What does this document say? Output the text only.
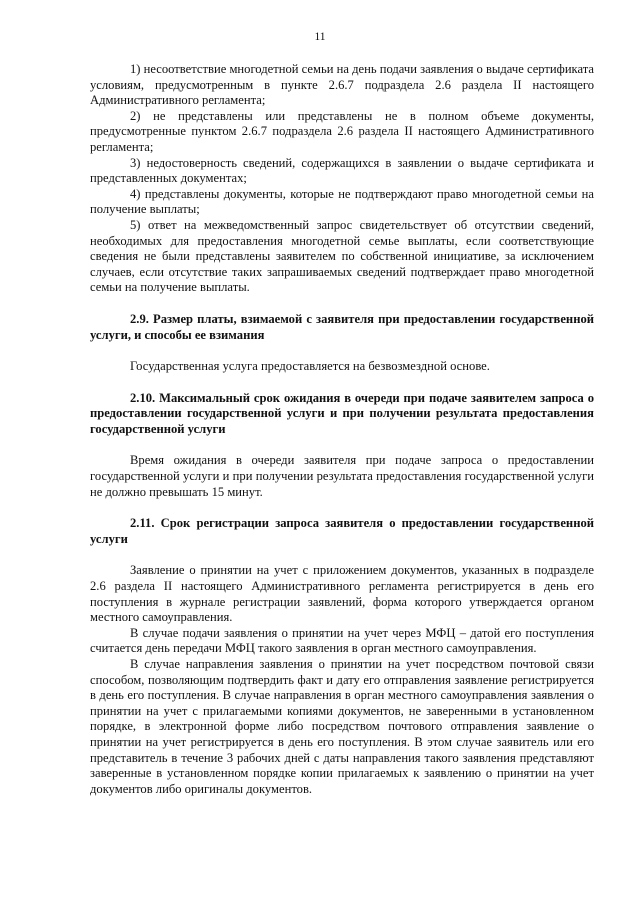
11

1) несоответствие многодетной семьи на день подачи заявления о выдаче сертификата условиям, предусмотренным в пункте 2.6.7 подраздела 2.6 раздела II настоящего Административного регламента;

2) не представлены или представлены не в полном объеме документы, предусмотренные пунктом 2.6.7 подраздела 2.6 раздела II настоящего Административного регламента;

3) недостоверность сведений, содержащихся в заявлении о выдаче сертификата и представленных документах;

4) представлены документы, которые не подтверждают право многодетной семьи на получение выплаты;

5) ответ на межведомственный запрос свидетельствует об отсутствии сведений, необходимых для предоставления многодетной семье выплаты, если соответствующие сведения не были представлены заявителем по собственной инициативе, за исключением случаев, если отсутствие таких запрашиваемых сведений подтверждает право многодетной семьи на получение выплаты.

2.9. Размер платы, взимаемой с заявителя при предоставлении государственной услуги, и способы ее взимания

Государственная услуга предоставляется на безвозмездной основе.

2.10. Максимальный срок ожидания в очереди при подаче заявителем запроса о предоставлении государственной услуги и при получении результата предоставления государственной услуги

Время ожидания в очереди заявителя при подаче запроса о предоставлении государственной услуги и при получении результата предоставления государственной услуги не должно превышать 15 минут.

2.11. Срок регистрации запроса заявителя о предоставлении государственной услуги

Заявление о принятии на учет с приложением документов, указанных в подразделе 2.6 раздела II настоящего Административного регламента регистрируется в день его поступления в журнале регистрации заявлений, форма которого утверждается органом местного самоуправления.

В случае подачи заявления о принятии на учет через МФЦ – датой его поступления считается день передачи МФЦ такого заявления в орган местного самоуправления.

В случае направления заявления о принятии на учет посредством почтовой связи способом, позволяющим подтвердить факт и дату его отправления заявление регистрируется в день его поступления. В случае направления в орган местного самоуправления заявления о принятии на учет с прилагаемыми копиями документов, не заверенными в установленном порядке, в электронной форме либо посредством почтового отправления заявление о принятии на учет регистрируется в день его поступления. В этом случае заявитель или его представитель в течение 3 рабочих дней с даты направления такого заявления представляют заверенные в установленном порядке копии прилагаемых к заявлению о принятии на учет документов либо оригиналы документов.
